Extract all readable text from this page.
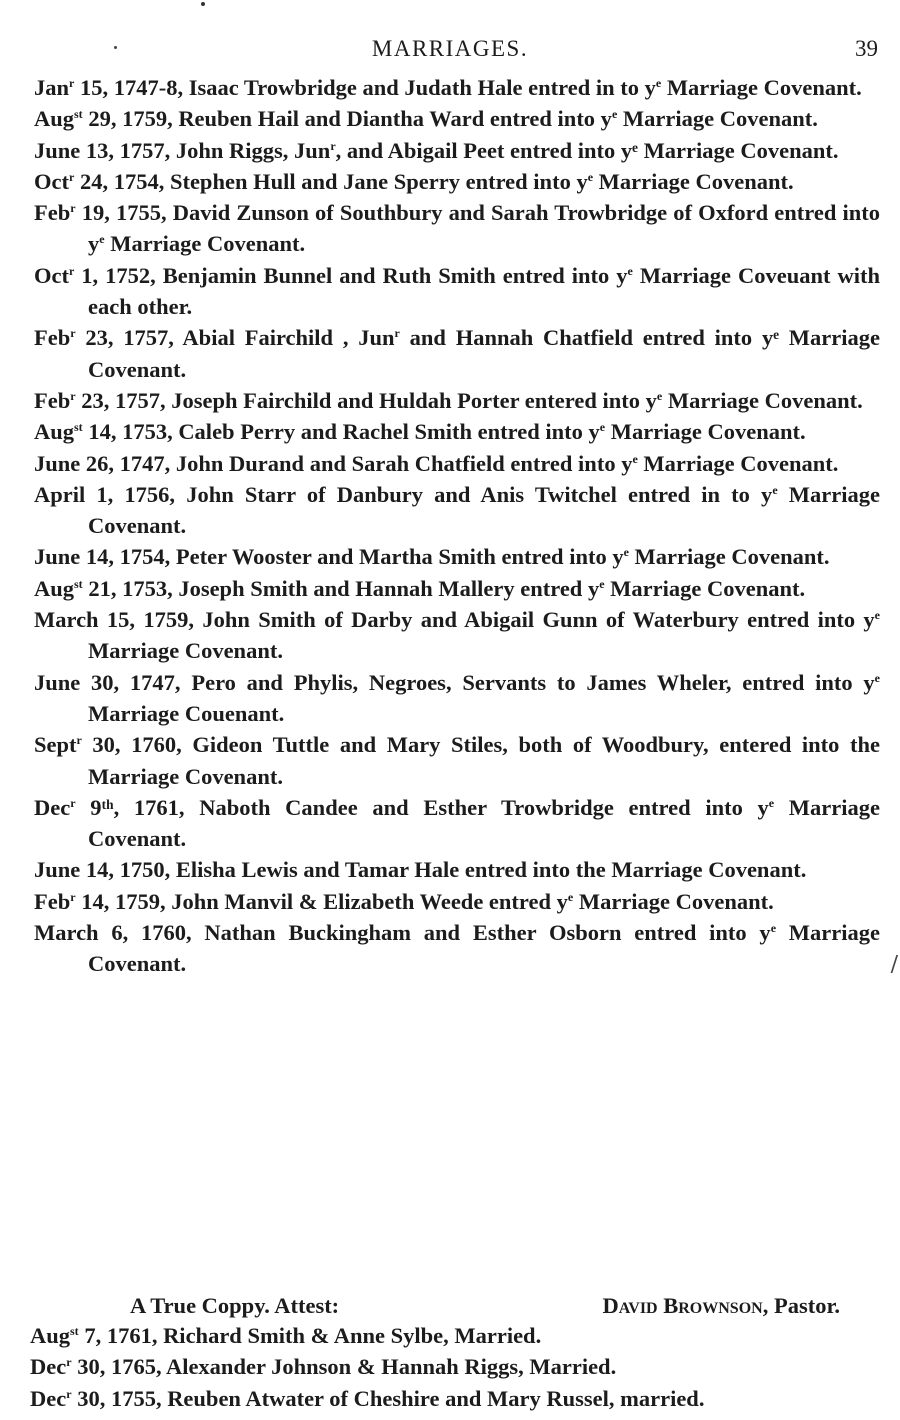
MARRIAGES.	39
Jan$^r$ 15, 1747-8, Isaac Trowbridge and Judath Hale entred in to $y^e$ Marriage Covenant.
Aug$^{st}$ 29, 1759, Reuben Hail and Diantha Ward entred into $y^e$ Marriage Covenant.
June 13, 1757, John Riggs, Jun$^r$, and Abigail Peet entred into yᵉ Marriage Covenant.
Oct$^r$ 24, 1754, Stephen Hull and Jane Sperry entred into $y^e$ Marriage Covenant.
Feb$^r$ 19, 1755, David Zunson of Southbury and Sarah Trowbridge of Oxford entred into $y^e$ Marriage Covenant.
Oct$^r$ 1, 1752, Benjamin Bunnel and Ruth Smith entred into $y^e$ Marriage Coveuant with each other.
Feb$^r$ 23, 1757, Abial Fairchild , Jun$^r$ and Hannah Chatfield entred into yᵉ Marriage Covenant.
Feb$^r$ 23, 1757, Joseph Fairchild and Huldah Porter entered into $y^e$ Marriage Covenant.
Aug$^{st}$ 14, 1753, Caleb Perry and Rachel Smith entred into $y^e$ Marriage Covenant.
June 26, 1747, John Durand and Sarah Chatfield entred into $y^e$ Marriage Covenant.
April 1, 1756, John Starr of Danbury and Anis Twitchel entred in to $y^e$ Marriage Covenant.
June 14, 1754, Peter Wooster and Martha Smith entred into $y^e$ Marriage Covenant.
Aug$^{st}$ 21, 1753, Joseph Smith and Hannah Mallery entred $y^e$ Marriage Covenant.
March 15, 1759, John Smith of Darby and Abigail Gunn of Waterbury entred into $y^e$ Marriage Covenant.
June 30, 1747, Pero and Phylis, Negroes, Servants to James Wheler, entred into $y^e$ Marriage Couenant.
Sept$^r$ 30, 1760, Gideon Tuttle and Mary Stiles, both of Woodbury, entered into the Marriage Covenant.
Dec$^r$ 9ᵗʰ, 1761, Naboth Candee and Esther Trowbridge entred into $y^e$ Marriage Covenant.
June 14, 1750, Elisha Lewis and Tamar Hale entred into the Marriage Covenant.
Feb$^r$ 14, 1759, John Manvil & Elizabeth Weede entred $y^e$ Marriage Covenant.
March 6, 1760, Nathan Buckingham and Esther Osborn entred into $y^e$ Marriage Covenant.
A True Coppy. Attest:	David Brownson, Pastor.
Aug$^{st}$ 7, 1761, Richard Smith & Anne Sylbe, Married.
Dec$^r$ 30, 1765, Alexander Johnson & Hannah Riggs, Married.
Dec$^r$ 30, 1755, Reuben Atwater of Cheshire and Mary Russel, married.
∕
